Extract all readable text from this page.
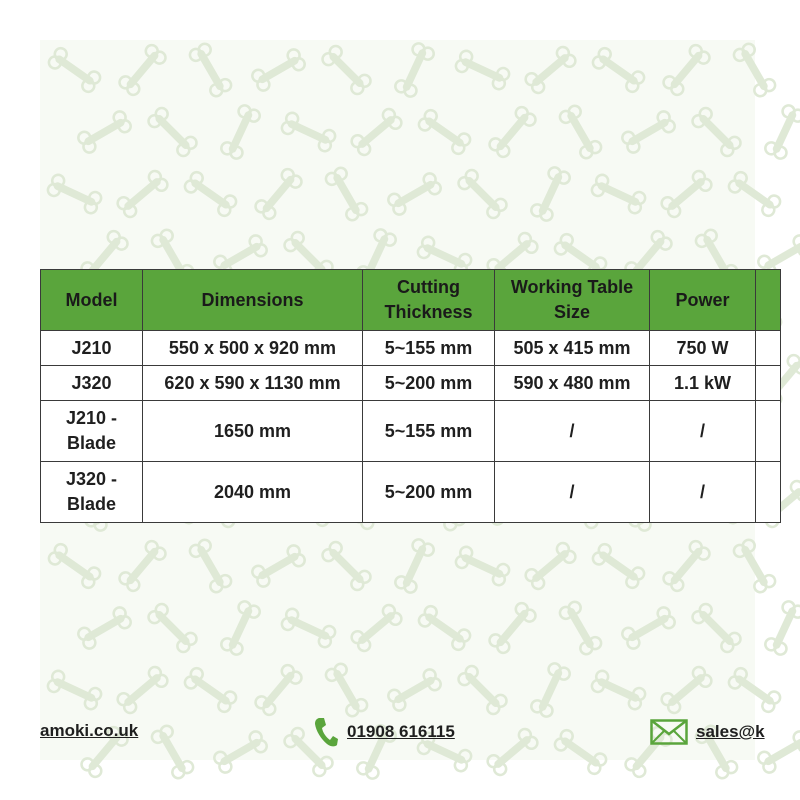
Model	Dimensions	Cutting Thickness	Working Table Size	Power	
J210	550 x 500 x 920 mm	5~155 mm	505 x 415 mm	750 W	
J320	620 x 590 x 1130 mm	5~200 mm	590 x 480 mm	1.1 kW	
J210 - Blade	1650 mm	5~155 mm	/	/	
J320 - Blade	2040 mm	5~200 mm	/	/	
amoki.co.uk	01908 616115	sales@k
